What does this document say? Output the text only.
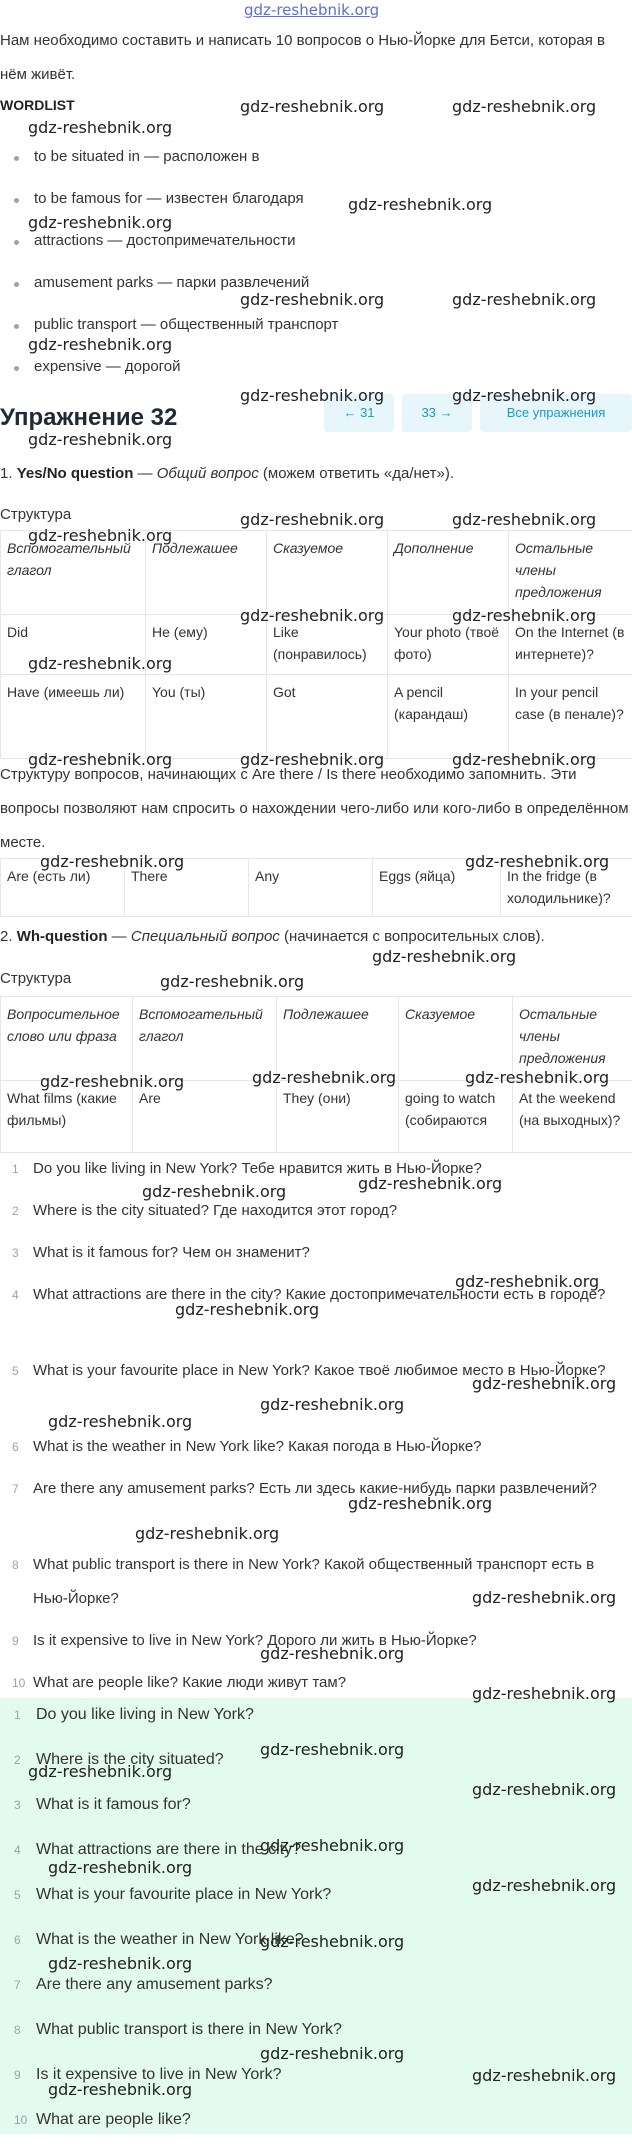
gdz-reshebnik.org
Нам необходимо составить и написать 10 вопросов о Нью-Йорке для Бетси, которая в нём живёт.
WORDLIST
to be situated in — расположен в
to be famous for — известен благодаря
attractions — достопримечательности
amusement parks — парки развлечений
public transport — общественный транспорт
expensive — дорогой
Упражнение 32	← 31	33 →	Все упражнения
1. Yes/No question — Общий вопрос (можем ответить «да/нет»).
Структура
Вспомогательный глагол	Подлежашее	Сказуемое	Дополнение	Остальные члены предложения
Did	He (ему)	Like (понравилось)	Your photo (твоё фото)	On the Internet (в интернете)?
Have (имеешь ли)	You (ты)	Got	A pencil (карандаш)	In your pencil case (в пенале)?
Структуру вопросов, начинающих с Are there / Is there необходимо запомнить. Эти вопросы позволяют нам спросить о нахождении чего-либо или кого-либо в определённом месте.
Are (есть ли)	There	Any	Eggs (яйца)	In the fridge (в холодильнике)?
2. Wh-question — Специальный вопрос (начинается с вопросительных слов).
Структура
Вопросительное слово или фраза	Вспомогательный глагол	Подлежашее	Сказуемое	Остальные члены предложения
What films (какие фильмы)	Are	They (они)	going to watch (собираются	At the weekend (на выходных)?
1 Do you like living in New York? Тебе нравится жить в Нью-Йорке?
2 Where is the city situated? Где находится этот город?
3 What is it famous for? Чем он знаменит?
4 What attractions are there in the city? Какие достопримечательности есть в городе?
5 What is your favourite place in New York? Какое твоё любимое место в Нью-Йорке?
6 What is the weather in New York like? Какая погода в Нью-Йорке?
7 Are there any amusement parks? Есть ли здесь какие-нибудь парки развлечений?
8 What public transport is there in New York? Какой общественный транспорт есть в Нью-Йорке?
9 Is it expensive to live in New York? Дорого ли жить в Нью-Йорке?
10 What are people like? Какие люди живут там?
1 Do you like living in New York?
2 Where is the city situated?
3 What is it famous for?
4 What attractions are there in the city?
5 What is your favourite place in New York?
6 What is the weather in New York like?
7 Are there any amusement parks?
8 What public transport is there in New York?
9 Is it expensive to live in New York?
10 What are people like?
gdz-reshebnik.org	gdz-reshebnik.org
gdz-reshebnik.org
gdz-reshebnik.org
gdz-reshebnik.org
gdz-reshebnik.org	gdz-reshebnik.org
gdz-reshebnik.org
gdz-reshebnik.org	gdz-reshebnik.org
gdz-reshebnik.org
gdz-reshebnik.org	gdz-reshebnik.org
gdz-reshebnik.org
gdz-reshebnik.org	gdz-reshebnik.org
gdz-reshebnik.org
gdz-reshebnik.org	gdz-reshebnik.org	gdz-reshebnik.org
gdz-reshebnik.org	gdz-reshebnik.org
gdz-reshebnik.org
gdz-reshebnik.org
gdz-reshebnik.org	gdz-reshebnik.org	gdz-reshebnik.org
gdz-reshebnik.org	gdz-reshebnik.org
gdz-reshebnik.org
gdz-reshebnik.org
gdz-reshebnik.org
gdz-reshebnik.org
gdz-reshebnik.org
gdz-reshebnik.org
gdz-reshebnik.org
gdz-reshebnik.org
gdz-reshebnik.org
gdz-reshebnik.org
gdz-reshebnik.org
gdz-reshebnik.org
gdz-reshebnik.org
gdz-reshebnik.org
gdz-reshebnik.org
gdz-reshebnik.org
gdz-reshebnik.org
gdz-reshebnik.org
gdz-reshebnik.org
gdz-reshebnik.org
gdz-reshebnik.org
